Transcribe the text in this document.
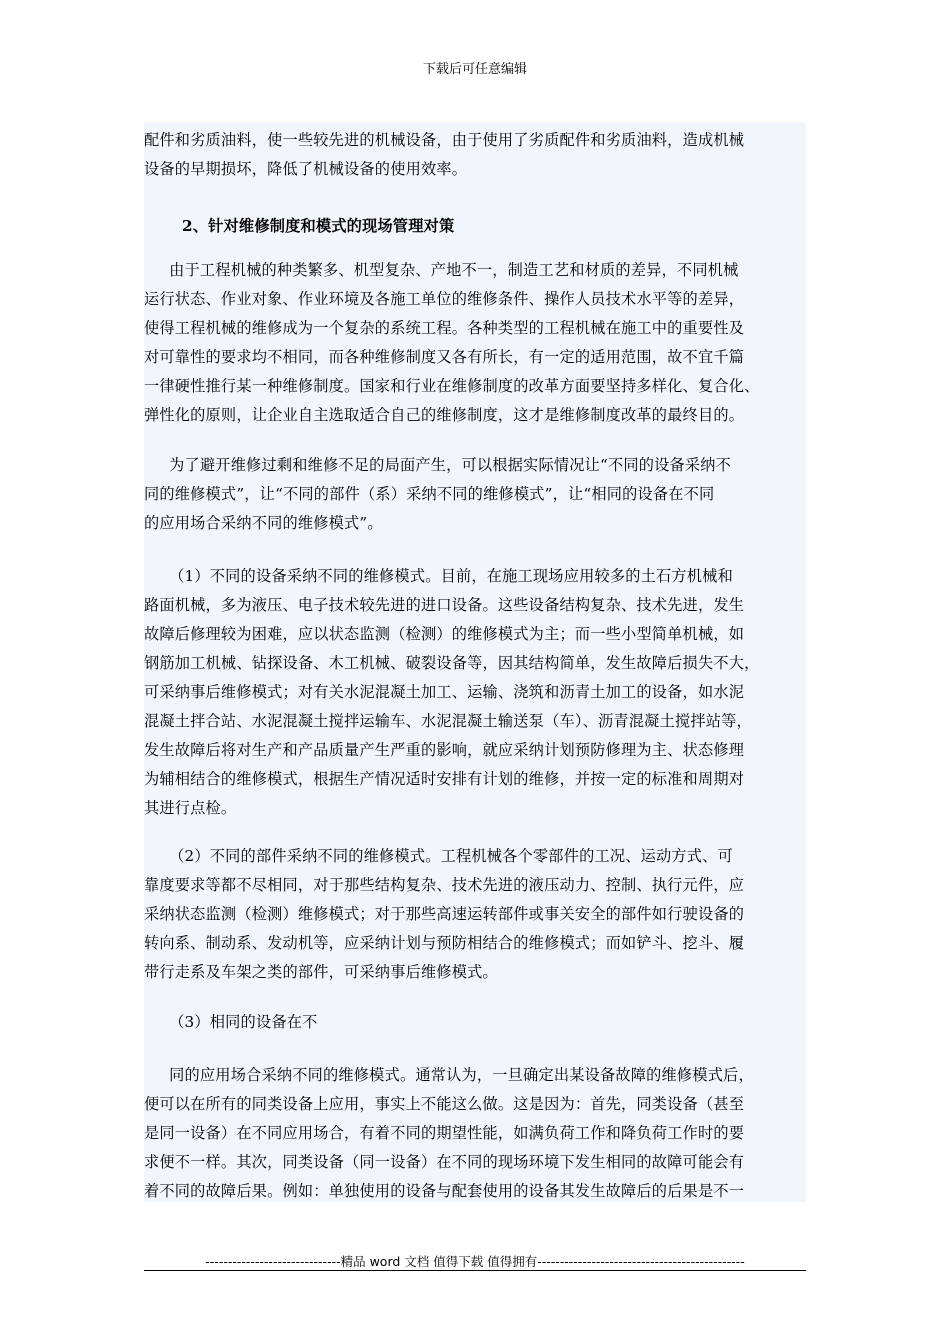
下载后可任意编辑

配件和劣质油料，使一些较先进的机械设备，由于使用了劣质配件和劣质油料，造成机械
设备的早期损坏，降低了机械设备的使用效率。

2、针对维修制度和模式的现场管理对策

由于工程机械的种类繁多、机型复杂、产地不一，制造工艺和材质的差异，不同机械
运行状态、作业对象、作业环境及各施工单位的维修条件、操作人员技术水平等的差异，
使得工程机械的维修成为一个复杂的系统工程。各种类型的工程机械在施工中的重要性及
对可靠性的要求均不相同，而各种维修制度又各有所长，有一定的适用范围，故不宜千篇
一律硬性推行某一种维修制度。国家和行业在维修制度的改革方面要坚持多样化、复合化、
弹性化的原则，让企业自主选取适合自己的维修制度，这才是维修制度改革的最终目的。

为了避开维修过剩和维修不足的局面产生，可以根据实际情况让“不同的设备采纳不
同的维修模式”，让“不同的部件（系）采纳不同的维修模式”，让“相同的设备在不同
的应用场合采纳不同的维修模式”。

（1）不同的设备采纳不同的维修模式。目前，在施工现场应用较多的土石方机械和
路面机械，多为液压、电子技术较先进的进口设备。这些设备结构复杂、技术先进，发生
故障后修理较为困难，应以状态监测（检测）的维修模式为主；而一些小型简单机械，如
钢筋加工机械、钻探设备、木工机械、破裂设备等，因其结构简单，发生故障后损失不大，
可采纳事后维修模式；对有关水泥混凝土加工、运输、浇筑和沥青土加工的设备，如水泥
混凝土拌合站、水泥混凝土搅拌运输车、水泥混凝土输送泵（车）、沥青混凝土搅拌站等，
发生故障后将对生产和产品质量产生严重的影响，就应采纳计划预防修理为主、状态修理
为辅相结合的维修模式，根据生产情况适时安排有计划的维修，并按一定的标准和周期对
其进行点检。

（2）不同的部件采纳不同的维修模式。工程机械各个零部件的工况、运动方式、可
靠度要求等都不尽相同，对于那些结构复杂、技术先进的液压动力、控制、执行元件，应
采纳状态监测（检测）维修模式；对于那些高速运转部件或事关安全的部件如行驶设备的
转向系、制动系、发动机等，应采纳计划与预防相结合的维修模式；而如铲斗、挖斗、履
带行走系及车架之类的部件，可采纳事后维修模式。

（3）相同的设备在不

同的应用场合采纳不同的维修模式。通常认为，一旦确定出某设备故障的维修模式后，
便可以在所有的同类设备上应用，事实上不能这么做。这是因为：首先，同类设备（甚至
是同一设备）在不同应用场合，有着不同的期望性能，如满负荷工作和降负荷工作时的要
求便不一样。其次，同类设备（同一设备）在不同的现场环境下发生相同的故障可能会有
着不同的故障后果。例如：单独使用的设备与配套使用的设备其发生故障后的后果是不一

------------------------------精品 word 文档 值得下载 值得拥有----------------------------------------------
